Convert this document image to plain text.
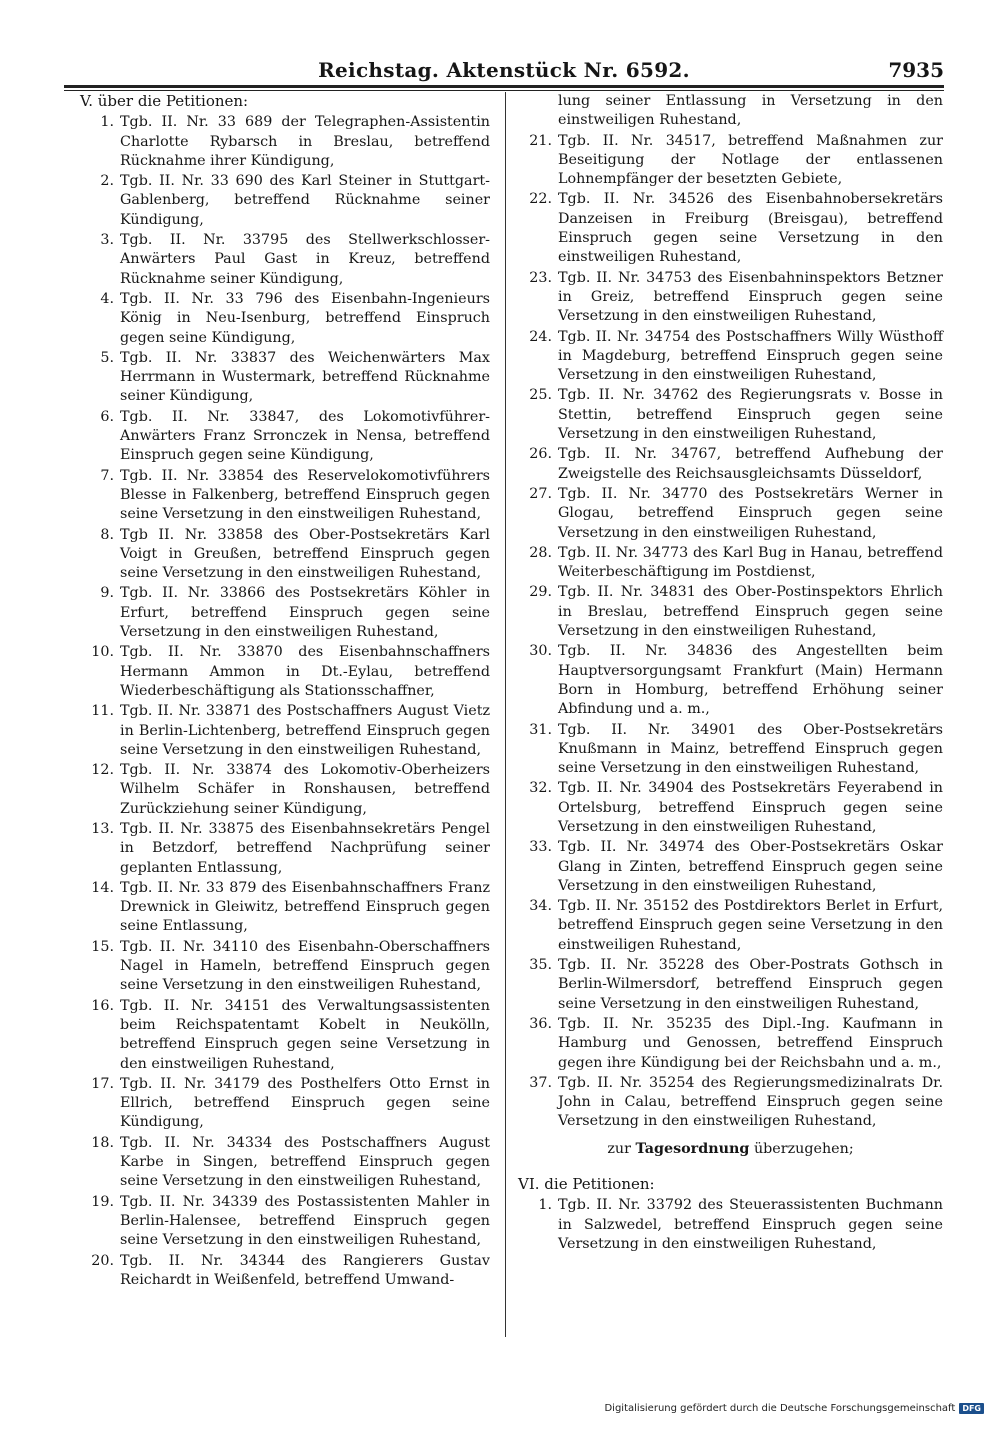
Reichstag. Aktenstück Nr. 6592.	7935
V. über die Petitionen:
1. Tgb. II. Nr. 33 689 der Telegraphen-Assistentin Charlotte Rybarsch in Breslau, betreffend Rücknahme ihrer Kündigung,
2. Tgb. II. Nr. 33 690 des Karl Steiner in Stuttgart-Gablenberg, betreffend Rücknahme seiner Kündigung,
3. Tgb. II. Nr. 33795 des Stellwerkschlosser-Anwärters Paul Gast in Kreuz, betreffend Rücknahme seiner Kündigung,
4. Tgb. II. Nr. 33 796 des Eisenbahn-Ingenieurs König in Neu-Isenburg, betreffend Einspruch gegen seine Kündigung,
5. Tgb. II. Nr. 33837 des Weichenwärters Max Herrmann in Wustermark, betreffend Rücknahme seiner Kündigung,
6. Tgb. II. Nr. 33847, des Lokomotivführer-Anwärters Franz Srronczek in Nensa, betreffend Einspruch gegen seine Kündigung,
7. Tgb. II. Nr. 33854 des Reservelokomotivführers Blesse in Falkenberg, betreffend Einspruch gegen seine Versetzung in den einstweiligen Ruhestand,
8. Tgb II. Nr. 33858 des Ober-Postsekretärs Karl Voigt in Greußen, betreffend Einspruch gegen seine Versetzung in den einstweiligen Ruhestand,
9. Tgb. II. Nr. 33866 des Postsekretärs Köhler in Erfurt, betreffend Einspruch gegen seine Versetzung in den einstweiligen Ruhestand,
10. Tgb. II. Nr. 33870 des Eisenbahnschaffners Hermann Ammon in Dt.-Eylau, betreffend Wiederbeschäftigung als Stationsschaffner,
11. Tgb. II. Nr. 33871 des Postschaffners August Vietz in Berlin-Lichtenberg, betreffend Einspruch gegen seine Versetzung in den einstweiligen Ruhestand,
12. Tgb. II. Nr. 33874 des Lokomotiv-Oberheizers Wilhelm Schäfer in Ronshausen, betreffend Zurückziehung seiner Kündigung,
13. Tgb. II. Nr. 33875 des Eisenbahnsekretärs Pengel in Betzdorf, betreffend Nachprüfung seiner geplanten Entlassung,
14. Tgb. II. Nr. 33 879 des Eisenbahnschaffners Franz Drewnick in Gleiwitz, betreffend Einspruch gegen seine Entlassung,
15. Tgb. II. Nr. 34110 des Eisenbahn-Oberschaffners Nagel in Hameln, betreffend Einspruch gegen seine Versetzung in den einstweiligen Ruhestand,
16. Tgb. II. Nr. 34151 des Verwaltungsassistenten beim Reichspatentamt Kobelt in Neukölln, betreffend Einspruch gegen seine Versetzung in den einstweiligen Ruhestand,
17. Tgb. II. Nr. 34179 des Posthelfers Otto Ernst in Ellrich, betreffend Einspruch gegen seine Kündigung,
18. Tgb. II. Nr. 34334 des Postschaffners August Karbe in Singen, betreffend Einspruch gegen seine Versetzung in den einstweiligen Ruhestand,
19. Tgb. II. Nr. 34339 des Postassistenten Mahler in Berlin-Halensee, betreffend Einspruch gegen seine Versetzung in den einstweiligen Ruhestand,
20. Tgb. II. Nr. 34344 des Rangierers Gustav Reichardt in Weißenfeld, betreffend Umwand-
lung seiner Entlassung in Versetzung in den einstweiligen Ruhestand,
21. Tgb. II. Nr. 34517, betreffend Maßnahmen zur Beseitigung der Notlage der entlassenen Lohnempfänger der besetzten Gebiete,
22. Tgb. II. Nr. 34526 des Eisenbahnobersekretärs Danzeisen in Freiburg (Breisgau), betreffend Einspruch gegen seine Versetzung in den einstweiligen Ruhestand,
23. Tgb. II. Nr. 34753 des Eisenbahninspektors Betzner in Greiz, betreffend Einspruch gegen seine Versetzung in den einstweiligen Ruhestand,
24. Tgb. II. Nr. 34754 des Postschaffners Willy Wüsthoff in Magdeburg, betreffend Einspruch gegen seine Versetzung in den einstweiligen Ruhestand,
25. Tgb. II. Nr. 34762 des Regierungsrats v. Bosse in Stettin, betreffend Einspruch gegen seine Versetzung in den einstweiligen Ruhestand,
26. Tgb. II. Nr. 34767, betreffend Aufhebung der Zweigstelle des Reichsausgleichsamts Düsseldorf,
27. Tgb. II. Nr. 34770 des Postsekretärs Werner in Glogau, betreffend Einspruch gegen seine Versetzung in den einstweiligen Ruhestand,
28. Tgb. II. Nr. 34773 des Karl Bug in Hanau, betreffend Weiterbeschäftigung im Postdienst,
29. Tgb. II. Nr. 34831 des Ober-Postinspektors Ehrlich in Breslau, betreffend Einspruch gegen seine Versetzung in den einstweiligen Ruhestand,
30. Tgb. II. Nr. 34836 des Angestellten beim Hauptversorgungsamt Frankfurt (Main) Hermann Born in Homburg, betreffend Erhöhung seiner Abfindung und a. m.,
31. Tgb. II. Nr. 34901 des Ober-Postsekretärs Knußmann in Mainz, betreffend Einspruch gegen seine Versetzung in den einstweiligen Ruhestand,
32. Tgb. II. Nr. 34904 des Postsekretärs Feyerabend in Ortelsburg, betreffend Einspruch gegen seine Versetzung in den einstweiligen Ruhestand,
33. Tgb. II. Nr. 34974 des Ober-Postsekretärs Oskar Glang in Zinten, betreffend Einspruch gegen seine Versetzung in den einstweiligen Ruhestand,
34. Tgb. II. Nr. 35152 des Postdirektors Berlet in Erfurt, betreffend Einspruch gegen seine Versetzung in den einstweiligen Ruhestand,
35. Tgb. II. Nr. 35228 des Ober-Postrats Gothsch in Berlin-Wilmersdorf, betreffend Einspruch gegen seine Versetzung in den einstweiligen Ruhestand,
36. Tgb. II. Nr. 35235 des Dipl.-Ing. Kaufmann in Hamburg und Genossen, betreffend Einspruch gegen ihre Kündigung bei der Reichsbahn und a. m.,
37. Tgb. II. Nr. 35254 des Regierungsmedizinalrats Dr. John in Calau, betreffend Einspruch gegen seine Versetzung in den einstweiligen Ruhestand,
zur Tagesordnung überzugehen;
VI. die Petitionen:
1. Tgb. II. Nr. 33792 des Steuerassistenten Buchmann in Salzwedel, betreffend Einspruch gegen seine Versetzung in den einstweiligen Ruhestand,
Digitalisierung gefördert durch die Deutsche Forschungsgemeinschaft DFG
